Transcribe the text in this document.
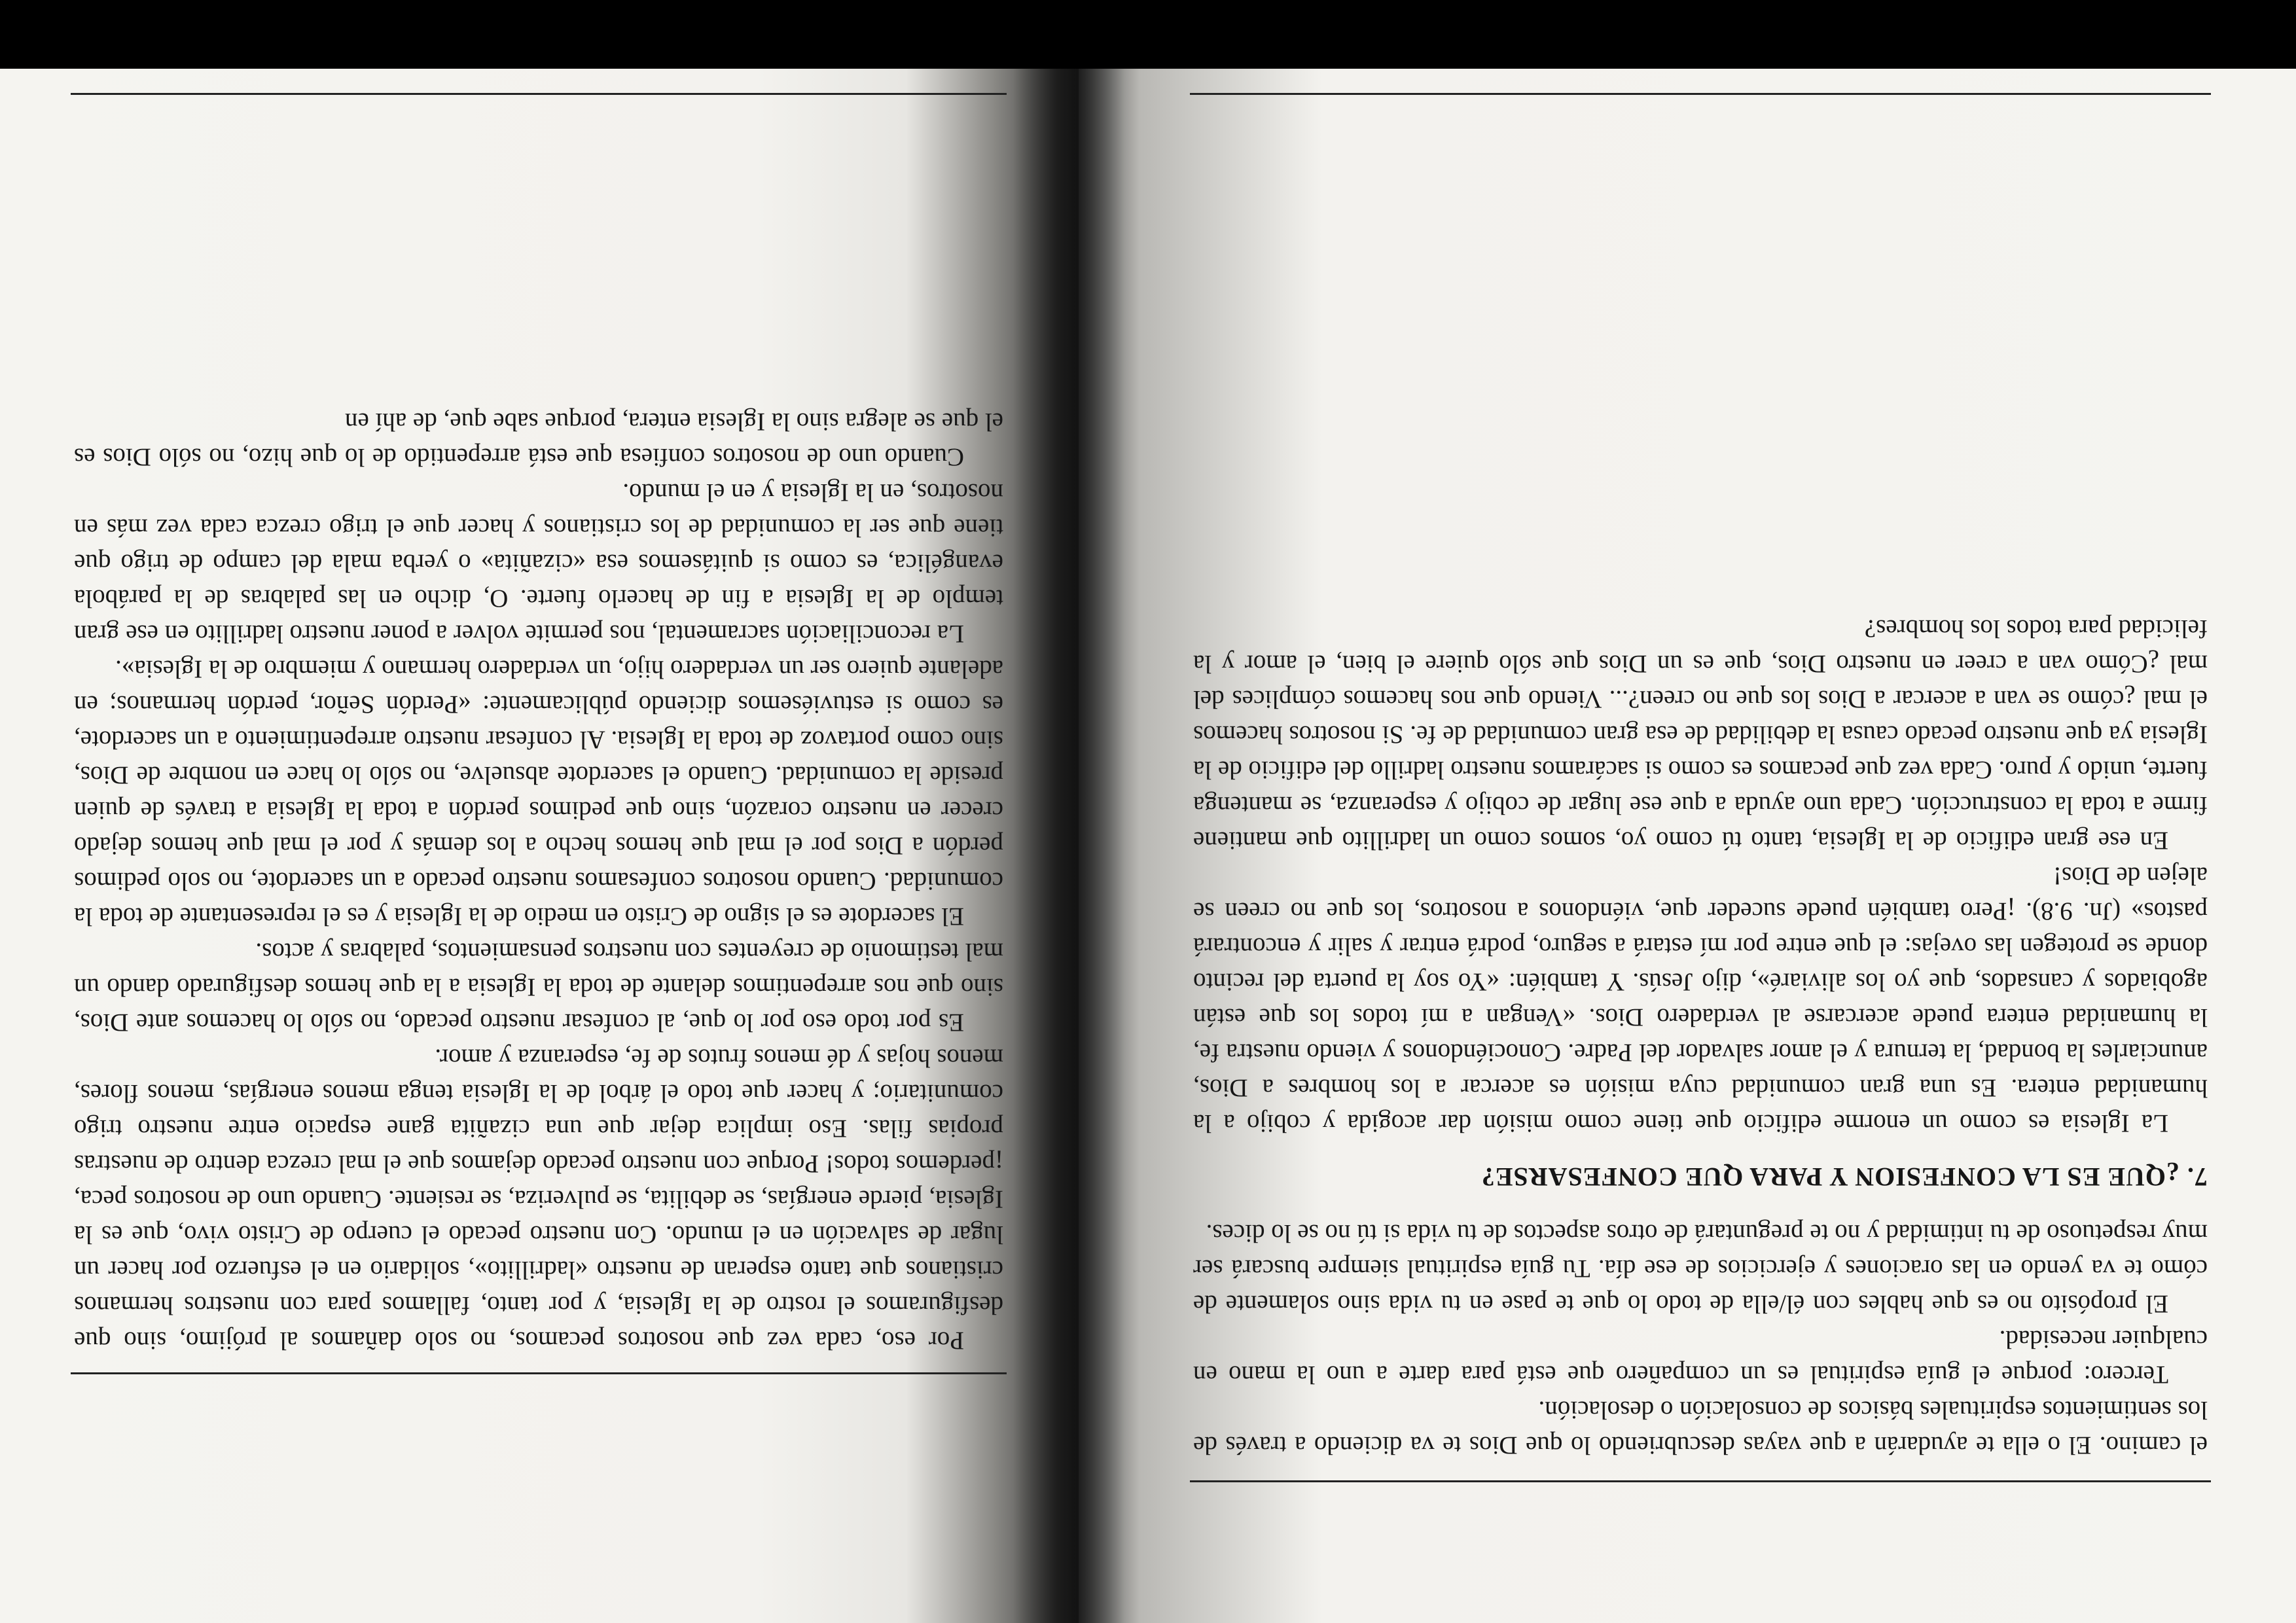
el camino. El o ella te ayudarán a que vayas descubriendo lo que Dios te va diciendo a través de los sentimientos espirituales básicos de consolación o desolación.

Tercero: porque el guía espiritual es un compañero que está para darte a uno la mano en cualquier necesidad.

El propósito no es que hables con él/ella de todo lo que te pase en tu vida sino solamente de cómo te va yendo en las oraciones y ejercicios de ese día. Tu guía espiritual siempre buscará ser muy respetuoso de tu intimidad y no te preguntará de otros aspectos de tu vida si tú no se lo dices.

7. ¿QUE ES LA CONFESION Y PARA QUE CONFESARSE?

La Iglesia es como un enorme edificio que tiene como misión dar acogida y cobijo a la humanidad entera. Es una gran comunidad cuya misión es acercar a los hombres a Dios, anunciarles la bondad, la ternura y el amor salvador del Padre. Conociéndonos y viendo nuestra fe, la humanidad entera puede acercarse al verdadero Dios. «Vengan a mí todos los que están agobiados y cansados, que yo los aliviaré», dijo Jesús. Y también: «Yo soy la puerta del recinto donde se protegen las ovejas: el que entre por mí estará a seguro, podrá entrar y salir y encontrará pastos» (Jn. 9.8). ¡Pero también puede suceder que, viéndonos a nosotros, los que no creen se alejen de Dios!

En ese gran edificio de la Iglesia, tanto tú como yo, somos como un ladrillito que mantiene firme a toda la construcción. Cada uno ayuda a que ese lugar de cobijo y esperanza, se mantenga fuerte, unido y puro. Cada vez que pecamos es como si sacáramos nuestro ladrillo del edificio de la Iglesia ya que nuestro pecado causa la debilidad de esa gran comunidad de fe. Si nosotros hacemos el mal ¿cómo se van a acercar a Dios los que no creen?... Viendo que nos hacemos cómplices del mal ¿Cómo van a creer en nuestro Dios, que es un Dios que sólo quiere el bien, el amor y la felicidad para todos los hombres?

Por eso, cada vez que nosotros pecamos, no solo dañamos al prójimo, sino que desfiguramos el rostro de la Iglesia, y por tanto, fallamos para con nuestros hermanos cristianos que tanto esperan de nuestro «ladrillito», solidario en el esfuerzo por hacer un lugar de salvación en el mundo. Con nuestro pecado el cuerpo de Cristo vivo, que es la Iglesia, pierde energías, se debilita, se pulveriza, se resiente. Cuando uno de nosotros peca, ¡perdemos todos! Porque con nuestro pecado dejamos que el mal crezca dentro de nuestras propias filas. Eso implica dejar que una cizañita gane espacio entre nuestro trigo comunitario; y hacer que todo el árbol de la Iglesia tenga menos energías, menos flores, menos hojas y dé menos frutos de fe, esperanza y amor.

Es por todo eso por lo que, al confesar nuestro pecado, no sólo lo hacemos ante Dios, sino que nos arrepentimos delante de toda la Iglesia a la que hemos desfigurado dando un mal testimonio de creyentes con nuestros pensamientos, palabras y actos.

El sacerdote es el signo de Cristo en medio de la Iglesia y es el representante de toda la comunidad. Cuando nosotros confesamos nuestro pecado a un sacerdote, no solo pedimos perdón a Dios por el mal que hemos hecho a los demás y por el mal que hemos dejado crecer en nuestro corazón, sino que pedimos perdón a toda la Iglesia a través de quien preside la comunidad. Cuando el sacerdote absuelve, no sólo lo hace en nombre de Dios, sino como portavoz de toda la Iglesia. Al confesar nuestro arrepentimiento a un sacerdote, es como si estuviésemos diciendo públicamente: «Perdón Señor, perdón hermanos; en adelante quiero ser un verdadero hijo, un verdadero hermano y miembro de la Iglesia».

La reconciliación sacramental, nos permite volver a poner nuestro ladrillito en ese gran templo de la Iglesia a fin de hacerlo fuerte. O, dicho en las palabras de la parábola evangélica, es como si quitásemos esa «cizañita» o yerba mala del campo de trigo que tiene que ser la comunidad de los cristianos y hacer que el trigo crezca cada vez más en nosotros, en la Iglesia y en el mundo.

Cuando uno de nosotros confiesa que está arrepentido de lo que hizo, no sólo Dios es el que se alegra sino la Iglesia entera, porque sabe que, de ahí en
